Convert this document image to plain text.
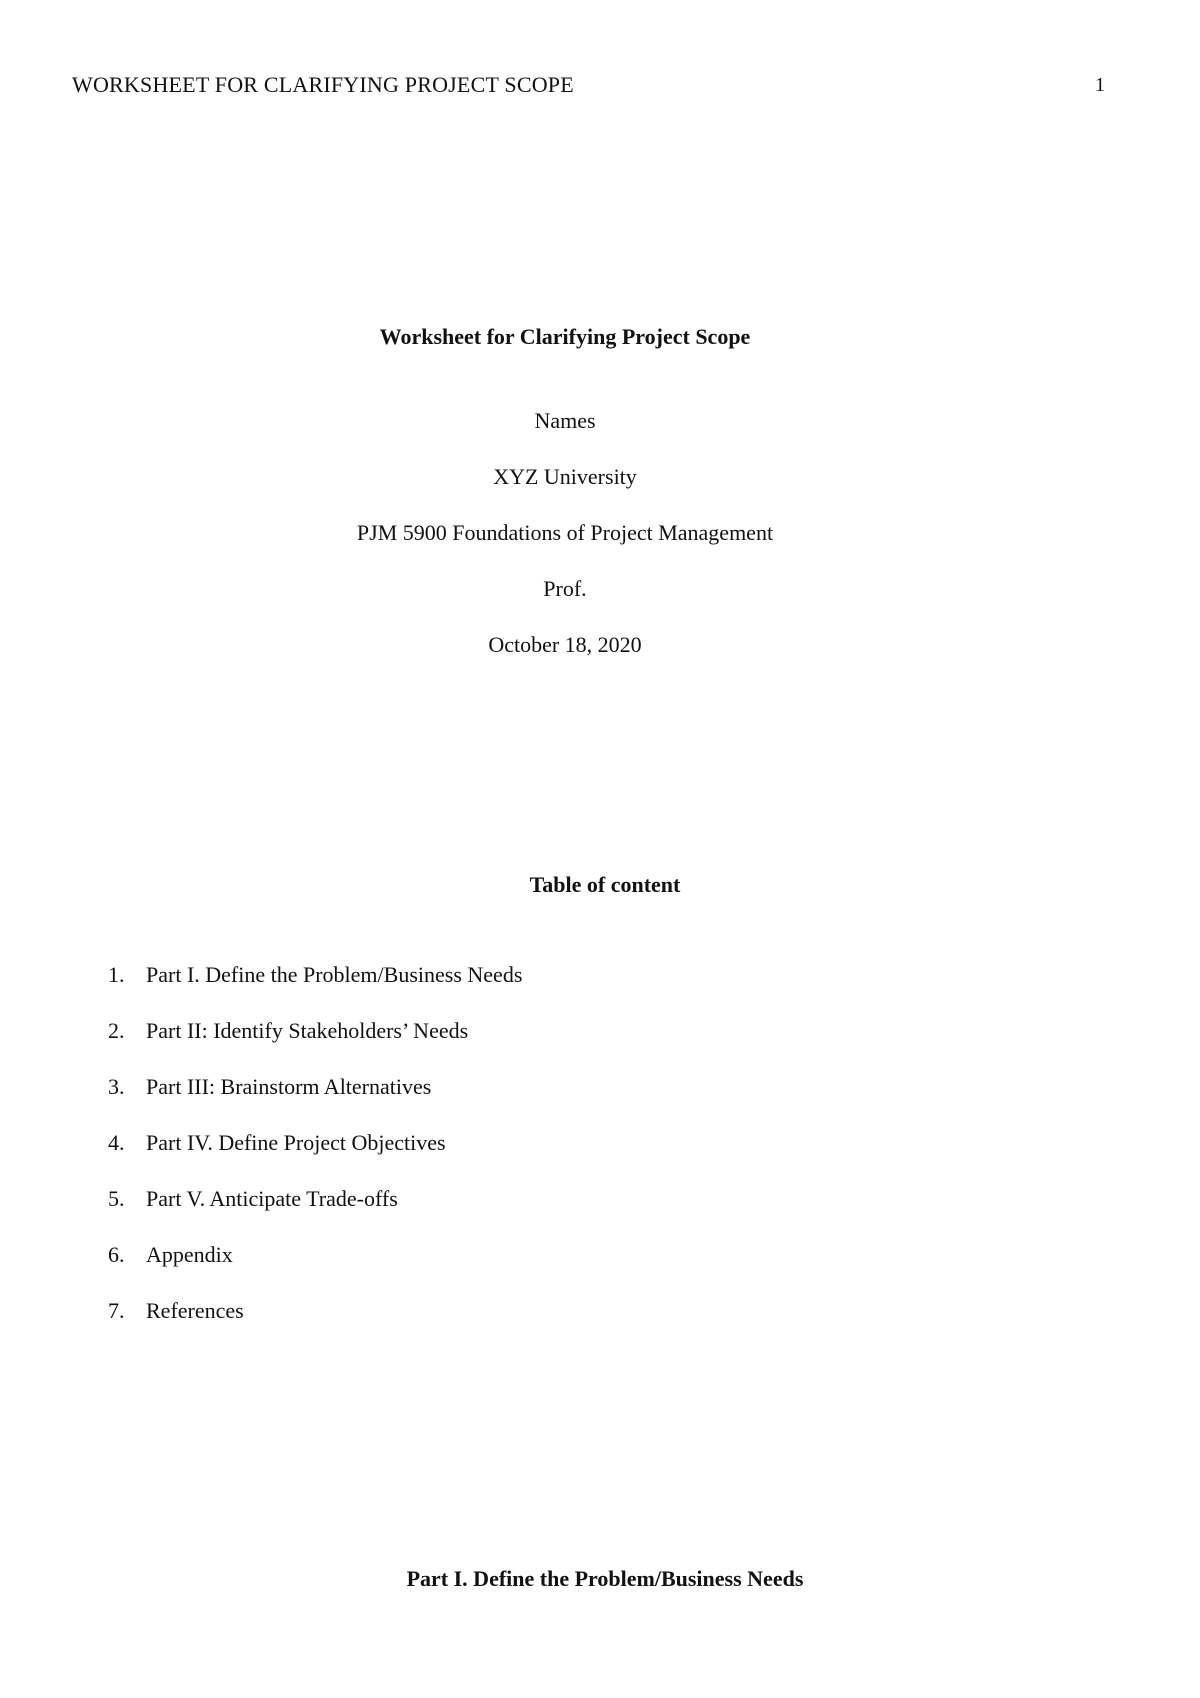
WORKSHEET FOR CLARIFYING PROJECT SCOPE	1
Worksheet for Clarifying Project Scope
Names
XYZ University
PJM 5900 Foundations of Project Management
Prof.
October 18, 2020
Table of content
1. Part I. Define the Problem/Business Needs
2. Part II: Identify Stakeholders’ Needs
3. Part III: Brainstorm Alternatives
4. Part IV. Define Project Objectives
5. Part V. Anticipate Trade-offs
6. Appendix
7. References
Part I. Define the Problem/Business Needs
